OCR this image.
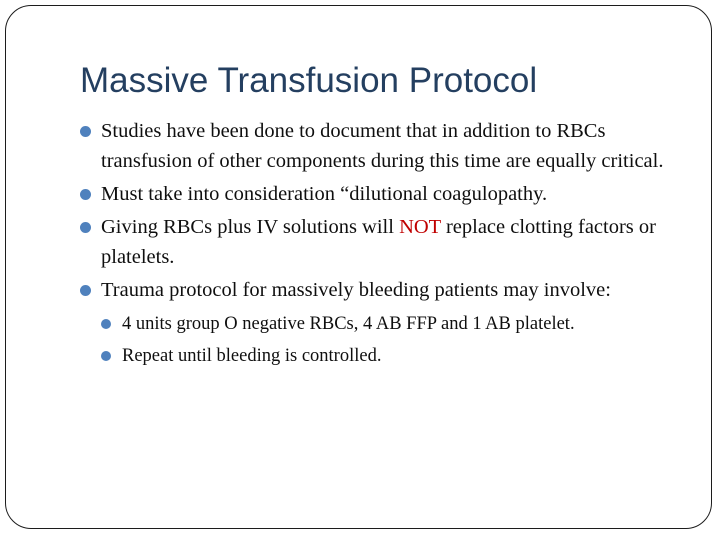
Massive Transfusion Protocol
Studies have been done to document that in addition to RBCs transfusion of other components during this time are equally critical.
Must take into consideration “dilutional coagulopathy.
Giving RBCs plus IV solutions will NOT replace clotting factors or platelets.
Trauma protocol for massively bleeding patients may involve:
4 units group O negative RBCs, 4 AB FFP and 1 AB platelet.
Repeat until bleeding is controlled.
